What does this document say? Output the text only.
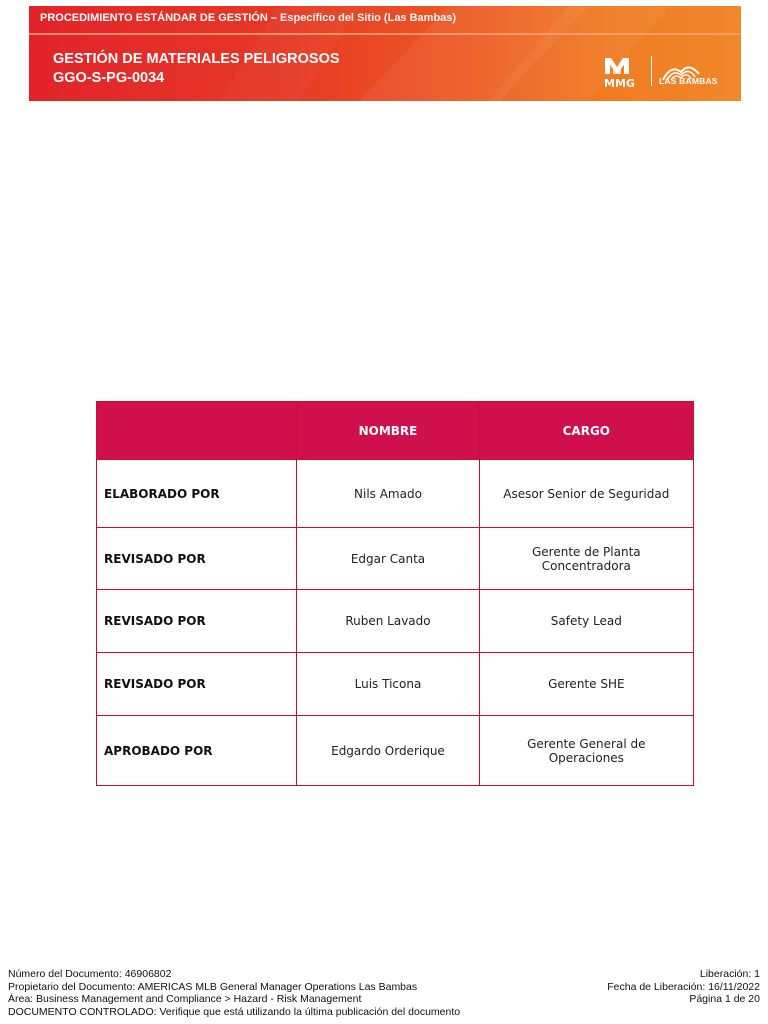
PROCEDIMIENTO ESTÁNDAR DE GESTIÓN – Específico del Sitio (Las Bambas)
GESTIÓN DE MATERIALES PELIGROSOS
GGO-S-PG-0034	MMG	LAS BAMBAS
	NOMBRE	CARGO
ELABORADO POR	Nils Amado	Asesor Senior de Seguridad
REVISADO POR	Edgar Canta	Gerente de Planta Concentradora
REVISADO POR	Ruben Lavado	Safety Lead
REVISADO POR	Luis Ticona	Gerente SHE
APROBADO POR	Edgardo Orderique	Gerente General de Operaciones
Número del Documento: 46906802
Propietario del Documento: AMERICAS MLB General Manager Operations Las Bambas
Área: Business Management and Compliance > Hazard - Risk Management
DOCUMENTO CONTROLADO: Verifique que está utilizando la última publicación del documento
Liberación: 1
Fecha de Liberación: 16/11/2022
Página 1 de 20
